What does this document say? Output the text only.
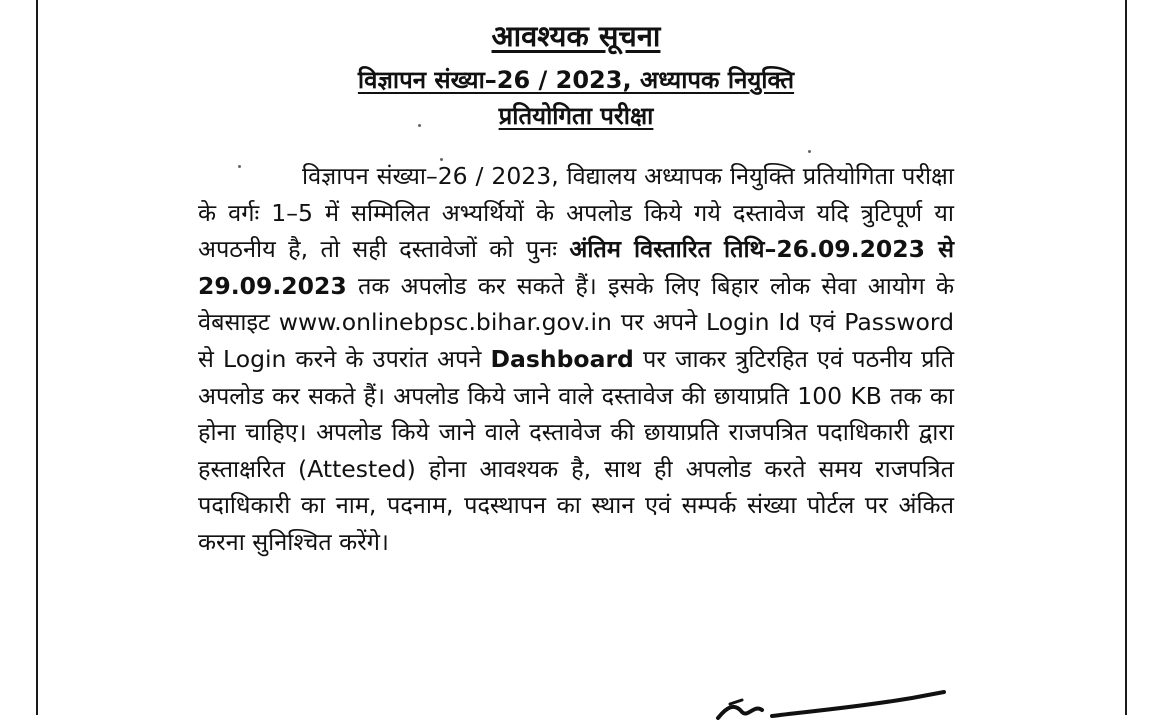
आवश्यक सूचना
विज्ञापन संख्या–26 / 2023, अध्यापक नियुक्ति
प्रतियोगिता परीक्षा
विज्ञापन संख्या–26 / 2023, विद्यालय अध्यापक नियुक्ति प्रतियोगिता परीक्षा के वर्गः 1–5 में सम्मिलित अभ्यर्थियों के अपलोड किये गये दस्तावेज यदि त्रुटिपूर्ण या अपठनीय है, तो सही दस्तावेजों को पुनः अंतिम विस्तारित तिथि–26.09.2023 से 29.09.2023 तक अपलोड कर सकते हैं। इसके लिए बिहार लोक सेवा आयोग के वेबसाइट www.onlinebpsc.bihar.gov.in पर अपने Login Id एवं Password से Login करने के उपरांत अपने Dashboard पर जाकर त्रुटिरहित एवं पठनीय प्रति अपलोड कर सकते हैं। अपलोड किये जाने वाले दस्तावेज की छायाप्रति 100 KB तक का होना चाहिए। अपलोड किये जाने वाले दस्तावेज की छायाप्रति राजपत्रित पदाधिकारी द्वारा हस्ताक्षरित (Attested) होना आवश्यक है, साथ ही अपलोड करते समय राजपत्रित पदाधिकारी का नाम, पदनाम, पदस्थापन का स्थान एवं सम्पर्क संख्या पोर्टल पर अंकित करना सुनिश्चित करेंगे।
